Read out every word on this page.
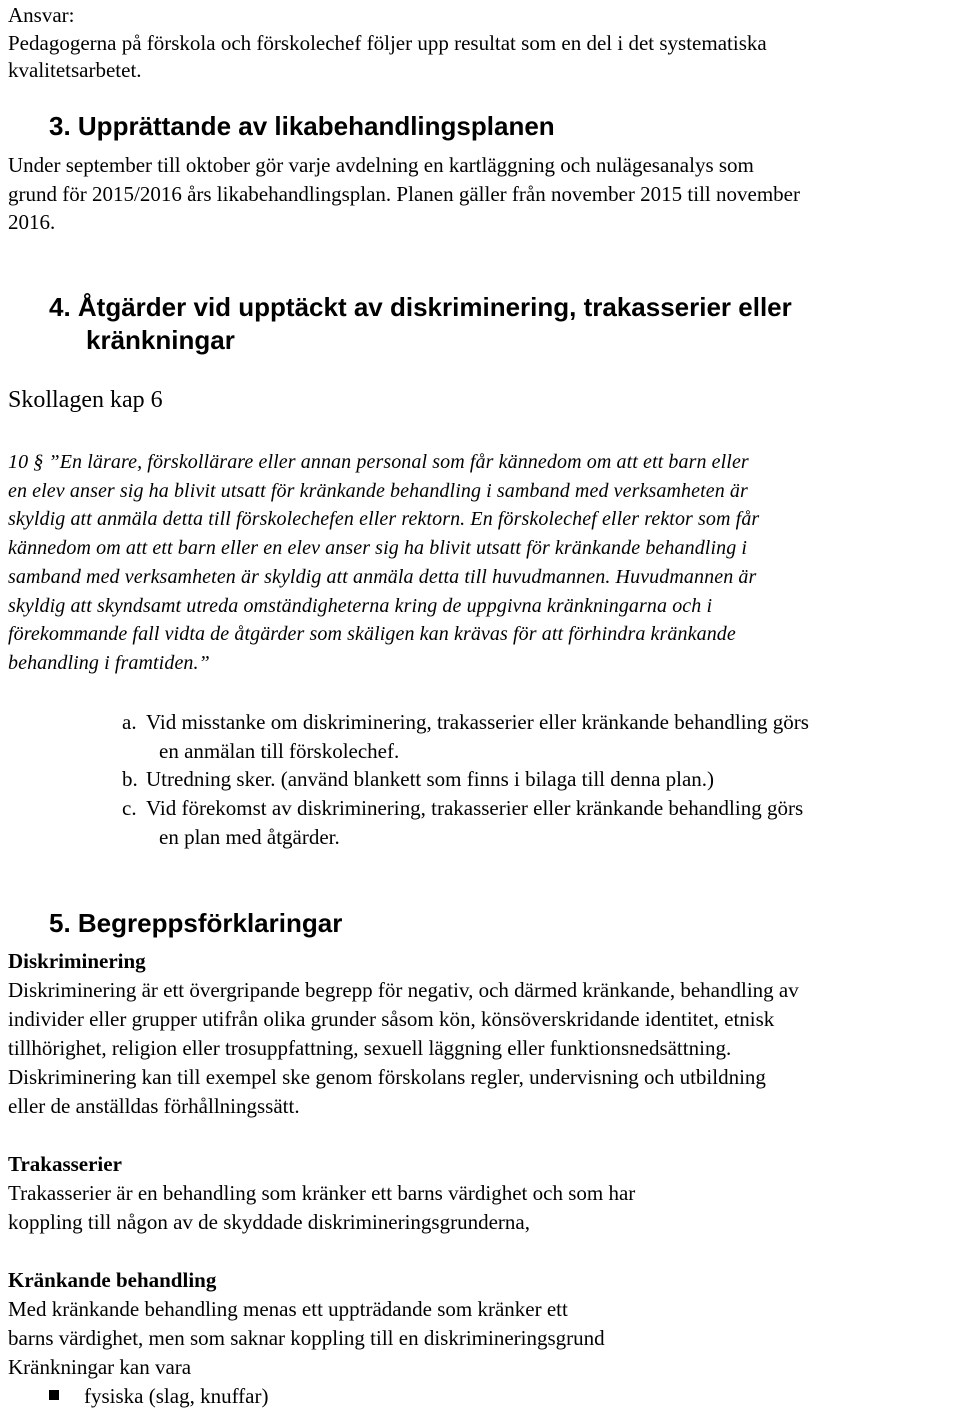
Ansvar:
Pedagogerna på förskola och förskolechef följer upp resultat som en del i det systematiska
kvalitetsarbetet.
3. Upprättande av likabehandlingsplanen
Under september till oktober gör varje avdelning en kartläggning och nulägesanalys som
grund för 2015/2016 års likabehandlingsplan. Planen gäller från november 2015 till november
2016.
4. Åtgärder vid upptäckt av diskriminering, trakasserier eller
kränkningar
Skollagen kap 6
10 § ”En lärare, förskollärare eller annan personal som får kännedom om att ett barn eller
en elev anser sig ha blivit utsatt för kränkande behandling i samband med verksamheten är
skyldig att anmäla detta till förskolechefen eller rektorn. En förskolechef eller rektor som får
kännedom om att ett barn eller en elev anser sig ha blivit utsatt för kränkande behandling i
samband med verksamheten är skyldig att anmäla detta till huvudmannen. Huvudmannen är
skyldig att skyndsamt utreda omständigheterna kring de uppgivna kränkningarna och i
förekommande fall vidta de åtgärder som skäligen kan krävas för att förhindra kränkande
behandling i framtiden.”
a. Vid misstanke om diskriminering, trakasserier eller kränkande behandling görs
en anmälan till förskolechef.
b. Utredning sker. (använd blankett som finns i bilaga till denna plan.)
c. Vid förekomst av diskriminering, trakasserier eller kränkande behandling görs
en plan med åtgärder.
5. Begreppsförklaringar
Diskriminering
Diskriminering är ett övergripande begrepp för negativ, och därmed kränkande, behandling av
individer eller grupper utifrån olika grunder såsom kön, könsöverskridande identitet, etnisk
tillhörighet, religion eller trosuppfattning, sexuell läggning eller funktionsnedsättning.
Diskriminering kan till exempel ske genom förskolans regler, undervisning och utbildning
eller de anställdas förhållningssätt.
Trakasserier
Trakasserier är en behandling som kränker ett barns värdighet och som har
koppling till någon av de skyddade diskrimineringsgrunderna,
Kränkande behandling
Med kränkande behandling menas ett uppträdande som kränker ett
barns värdighet, men som saknar koppling till en diskrimineringsgrund
Kränkningar kan vara
fysiska (slag, knuffar)
